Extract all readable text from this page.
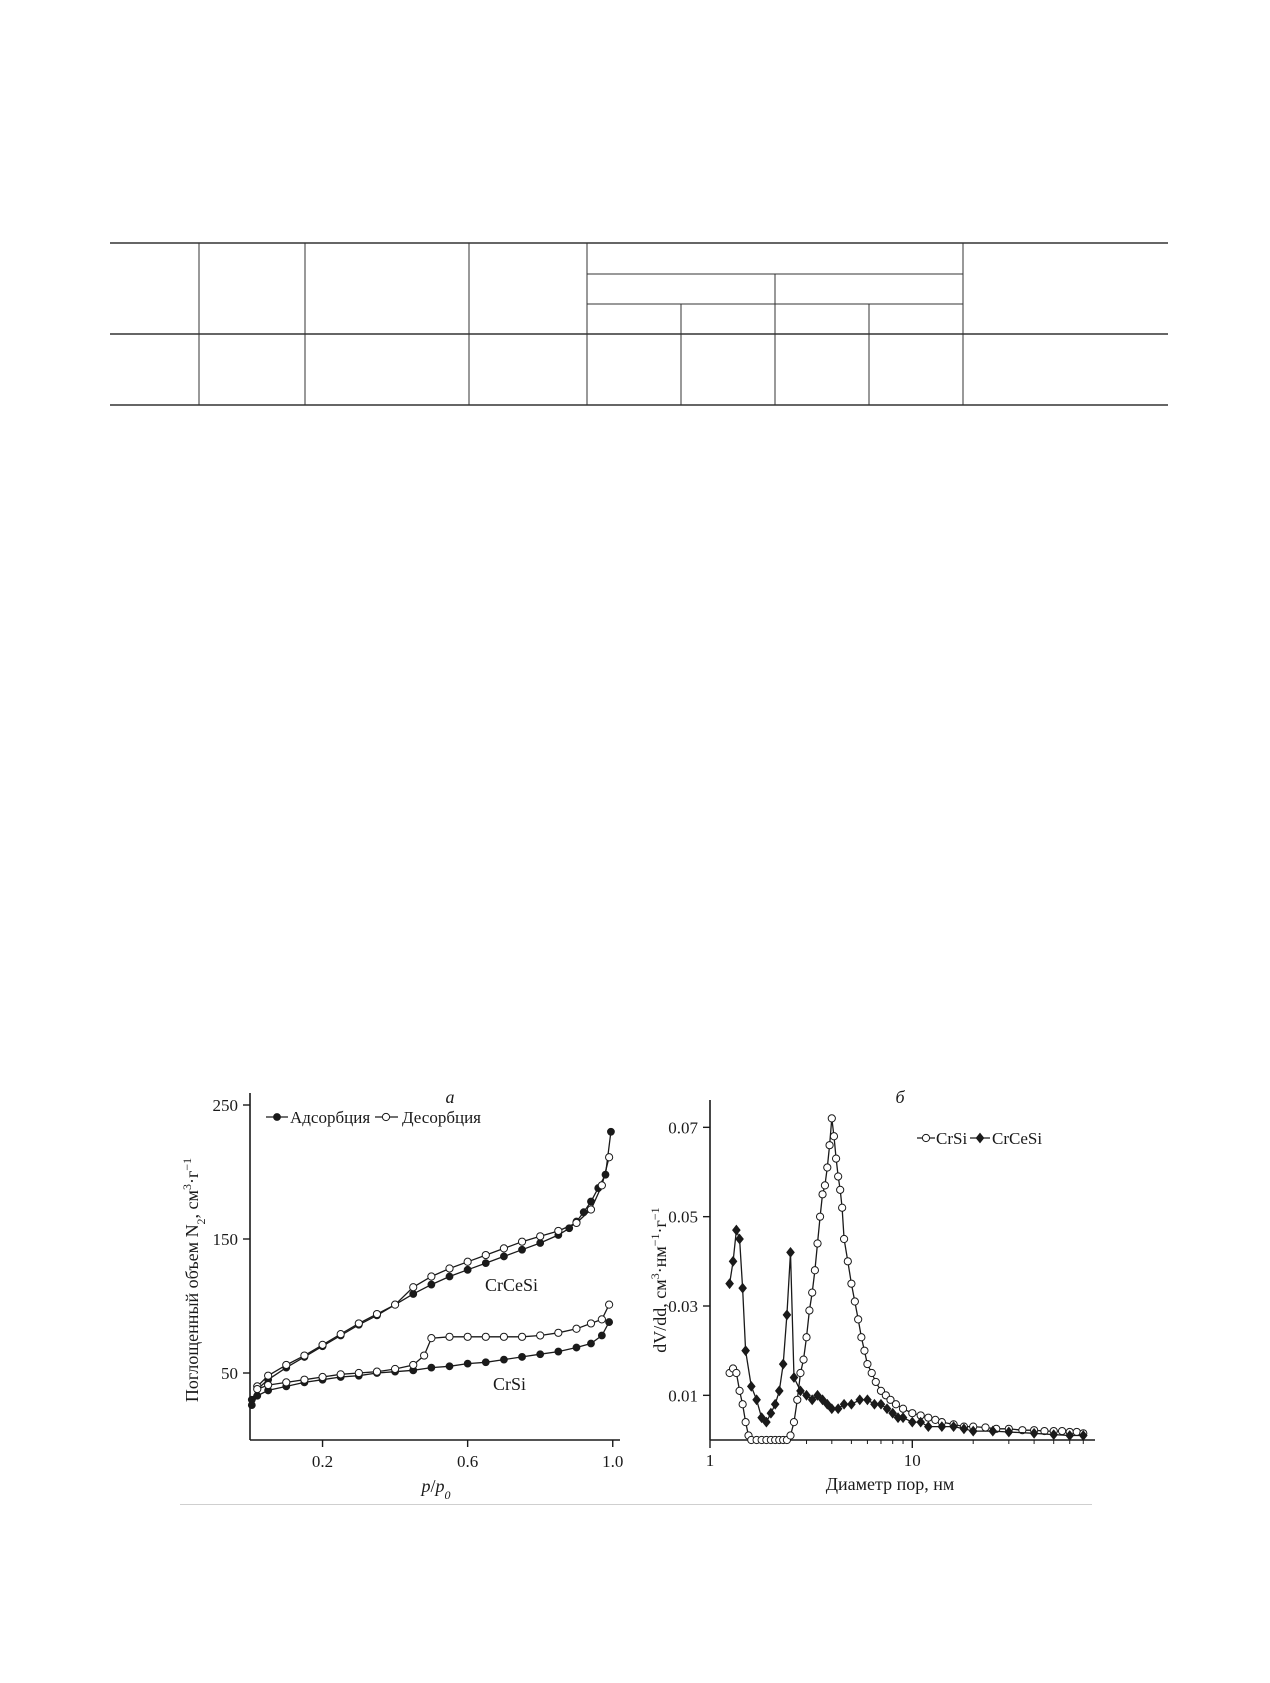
50
150
250
0.2	0.6	1.0
а
Адсорбция Десорбция
CrCeSi
CrSi
$p/p_0$
Поглощенный объем $N_2$, $см^3\cdot г^{-1}$
0.01
0.03
0.05
0.07
1	10
б
CrSi CrCeSi
Диаметр пор, нм
dV/dd, $см^3\cdot нм^{-1}\cdot г^{-1}$
